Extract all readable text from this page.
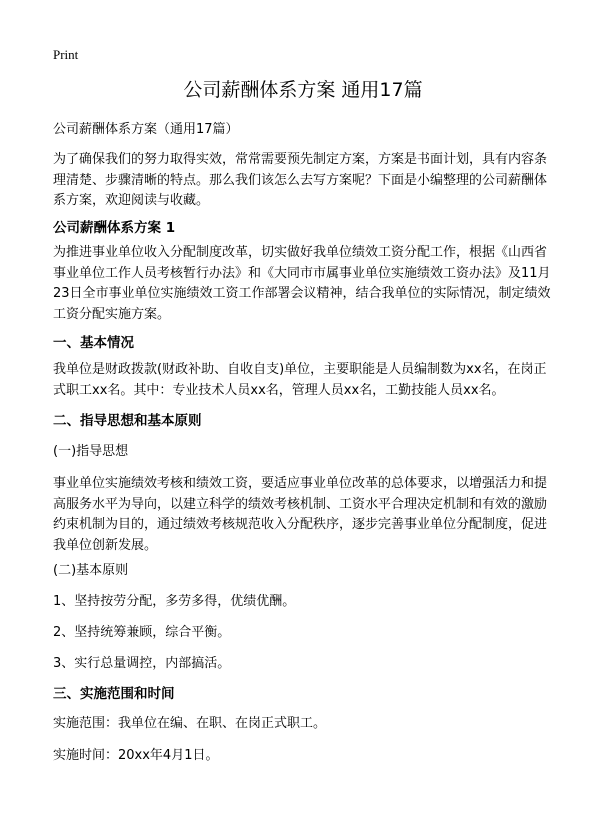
Print
公司薪酬体系方案 通用17篇

公司薪酬体系方案（通用17篇）

为了确保我们的努力取得实效，常常需要预先制定方案，方案是书面计划，具有内容条理清楚、步骤清晰的特点。那么我们该怎么去写方案呢？下面是小编整理的公司薪酬体系方案，欢迎阅读与收藏。

公司薪酬体系方案 1

为推进事业单位收入分配制度改革，切实做好我单位绩效工资分配工作，根据《山西省事业单位工作人员考核暂行办法》和《大同市市属事业单位实施绩效工资办法》及11月23日全市事业单位实施绩效工资工作部署会议精神，结合我单位的实际情况，制定绩效工资分配实施方案。

一、基本情况

我单位是财政拨款(财政补助、自收自支)单位，主要职能是人员编制数为xx名，在岗正式职工xx名。其中：专业技术人员xx名，管理人员xx名，工勤技能人员xx名。

二、指导思想和基本原则

(一)指导思想

事业单位实施绩效考核和绩效工资，要适应事业单位改革的总体要求，以增强活力和提高服务水平为导向，以建立科学的绩效考核机制、工资水平合理决定机制和有效的激励约束机制为目的，通过绩效考核规范收入分配秩序，逐步完善事业单位分配制度，促进我单位创新发展。

(二)基本原则

1、坚持按劳分配，多劳多得，优绩优酬。

2、坚持统筹兼顾，综合平衡。

3、实行总量调控，内部搞活。

三、实施范围和时间

实施范围：我单位在编、在职、在岗正式职工。

实施时间：20xx年4月1日。
